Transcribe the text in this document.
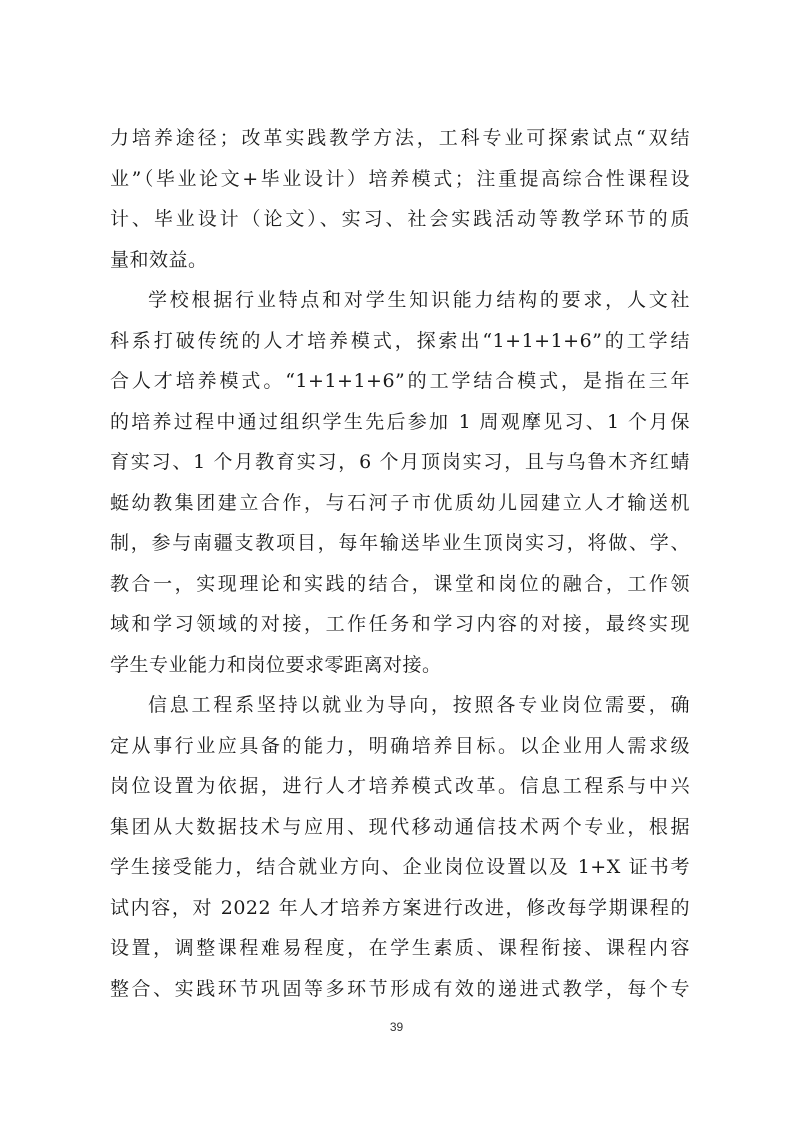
力培养途径；改革实践教学方法，工科专业可探索试点“双结
业”（毕业论文+毕业设计）培养模式；注重提高综合性课程设
计、毕业设计（论文）、实习、社会实践活动等教学环节的质
量和效益。
学校根据行业特点和对学生知识能力结构的要求，人文社
科系打破传统的人才培养模式，探索出“1+1+1+6”的工学结
合人才培养模式。“1+1+1+6”的工学结合模式，是指在三年
的培养过程中通过组织学生先后参加 1 周观摩见习、1 个月保
育实习、1 个月教育实习，6 个月顶岗实习，且与乌鲁木齐红蜻
蜓幼教集团建立合作，与石河子市优质幼儿园建立人才输送机
制，参与南疆支教项目，每年输送毕业生顶岗实习，将做、学、
教合一，实现理论和实践的结合，课堂和岗位的融合，工作领
域和学习领域的对接，工作任务和学习内容的对接，最终实现
学生专业能力和岗位要求零距离对接。
信息工程系坚持以就业为导向，按照各专业岗位需要，确
定从事行业应具备的能力，明确培养目标。以企业用人需求级
岗位设置为依据，进行人才培养模式改革。信息工程系与中兴
集团从大数据技术与应用、现代移动通信技术两个专业，根据
学生接受能力，结合就业方向、企业岗位设置以及 1+X 证书考
试内容，对 2022 年人才培养方案进行改进，修改每学期课程的
设置，调整课程难易程度，在学生素质、课程衔接、课程内容
整合、实践环节巩固等多环节形成有效的递进式教学，每个专
39
